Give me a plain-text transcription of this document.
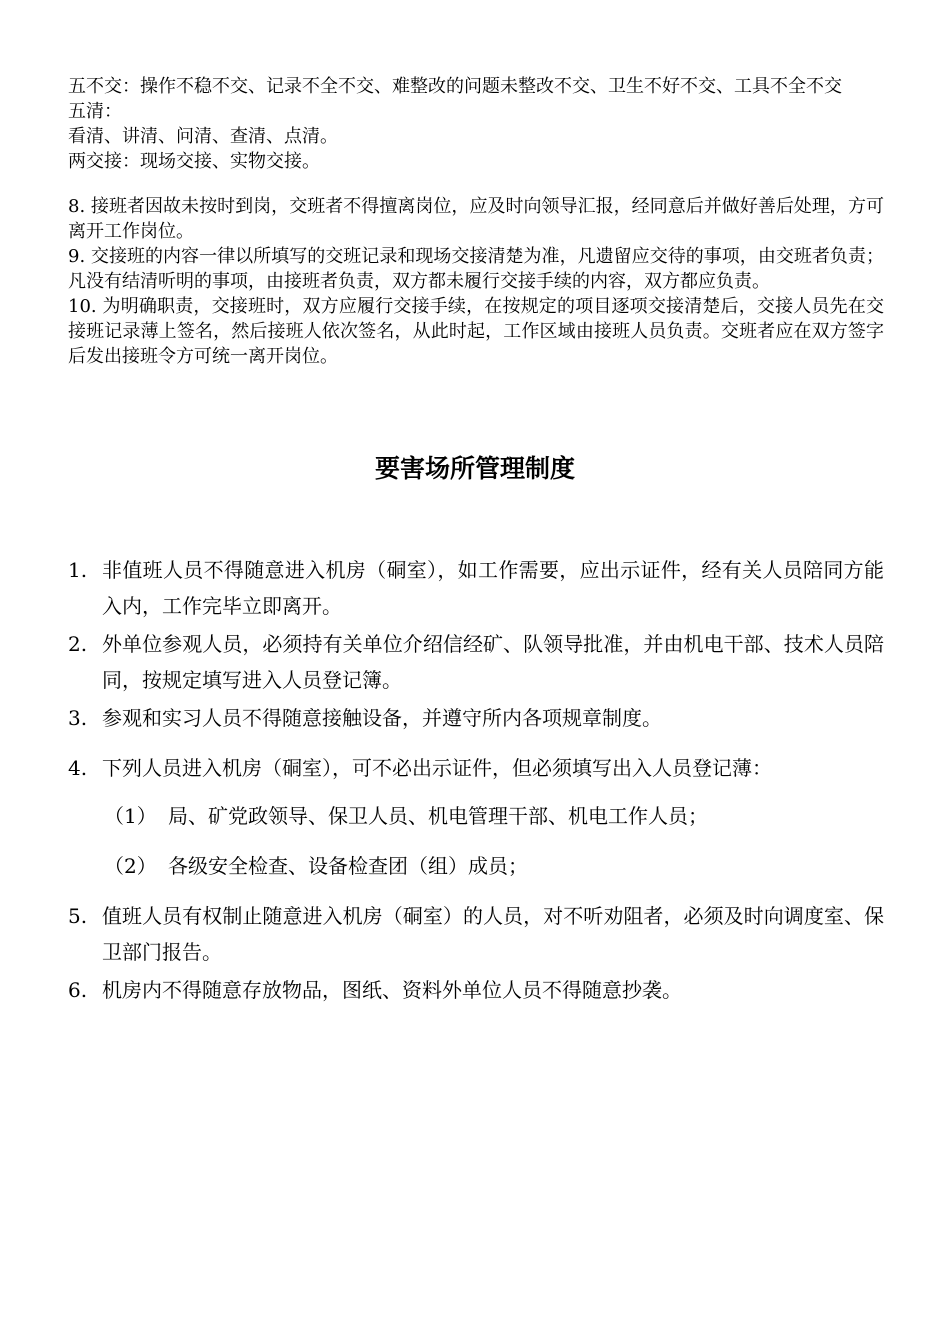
五不交：操作不稳不交、记录不全不交、难整改的问题未整改不交、卫生不好不交、工具不全不交

五清：

看清、讲清、问清、查清、点清。

两交接：现场交接、实物交接。

8. 接班者因故未按时到岗，交班者不得擅离岗位，应及时向领导汇报，经同意后并做好善后处理，方可离开工作岗位。

9. 交接班的内容一律以所填写的交班记录和现场交接清楚为准，凡遗留应交待的事项，由交班者负责；凡没有结清听明的事项，由接班者负责，双方都未履行交接手续的内容，双方都应负责。

10. 为明确职责，交接班时，双方应履行交接手续，在按规定的项目逐项交接清楚后，交接人员先在交接班记录薄上签名，然后接班人依次签名，从此时起，工作区域由接班人员负责。交班者应在双方签字后发出接班令方可统一离开岗位。

要害场所管理制度
1. 非值班人员不得随意进入机房（硐室），如工作需要，应出示证件，经有关人员陪同方能入内，工作完毕立即离开。
2. 外单位参观人员，必须持有关单位介绍信经矿、队领导批准，并由机电干部、技术人员陪同，按规定填写进入人员登记簿。
3. 参观和实习人员不得随意接触设备，并遵守所内各项规章制度。
4. 下列人员进入机房（硐室），可不必出示证件，但必须填写出入人员登记薄：
（1） 局、矿党政领导、保卫人员、机电管理干部、机电工作人员；
（2） 各级安全检查、设备检查团（组）成员；
5. 值班人员有权制止随意进入机房（硐室）的人员，对不听劝阻者，必须及时向调度室、保卫部门报告。
6. 机房内不得随意存放物品，图纸、资料外单位人员不得随意抄袭。
